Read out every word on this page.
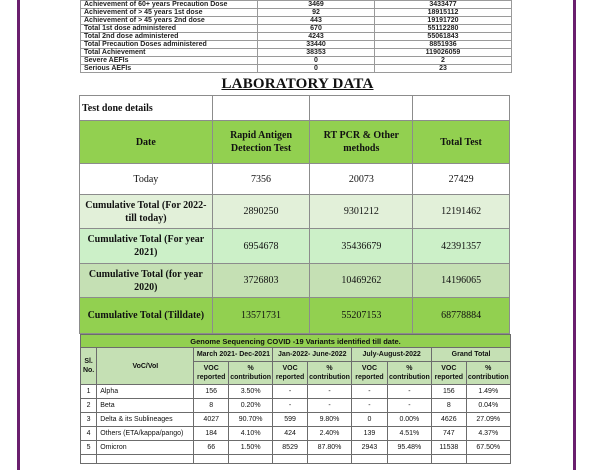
Achievement of 60+ years Precaution Dose	3469	3433477
Achievement of > 45 years 1st dose	92	18915112
Achievement of > 45 years 2nd dose	443	19191720
Total 1st dose administered	670	55112280
Total 2nd dose administered	4243	55061843
Total Precaution Doses administered	33440	8851936
Total Achievement	38353	119026059
Severe AEFIs	0	2
Serious AEFIs	0	23
LABORATORY DATA
Test done details			
Date	Rapid Antigen Detection Test	RT PCR & Other methods	Total Test
Today	7356	20073	27429
Cumulative Total (For 2022- till today)	2890250	9301212	12191462
Cumulative Total (For year 2021)	6954678	35436679	42391357
Cumulative Total (for year 2020)	3726803	10469262	14196065
Cumulative Total (Tilldate)	13571731	55207153	68778884
Genome Sequencing COVID -19 Variants identified till date.									
Sl. No.	VoC/VoI	March 2021- Dec-2021		Jan-2022- June-2022		July-August-2022		Grand Total	
		VOC reported	% contribution	VOC reported	% contribution	VOC reported	% contribution	VOC reported	% contribution
1	Alpha	156	3.50%	-	-	-	-	156	1.49%
2	Beta	8	0.20%	-	-	-	-	8	0.04%
3	Delta & its Sublineages	4027	90.70%	599	9.80%	0	0.00%	4626	27.09%
4	Others (ETA/kappa/pango)	184	4.10%	424	2.40%	139	4.51%	747	4.37%
5	Omicron	66	1.50%	8529	87.80%	2943	95.48%	11538	67.50%
